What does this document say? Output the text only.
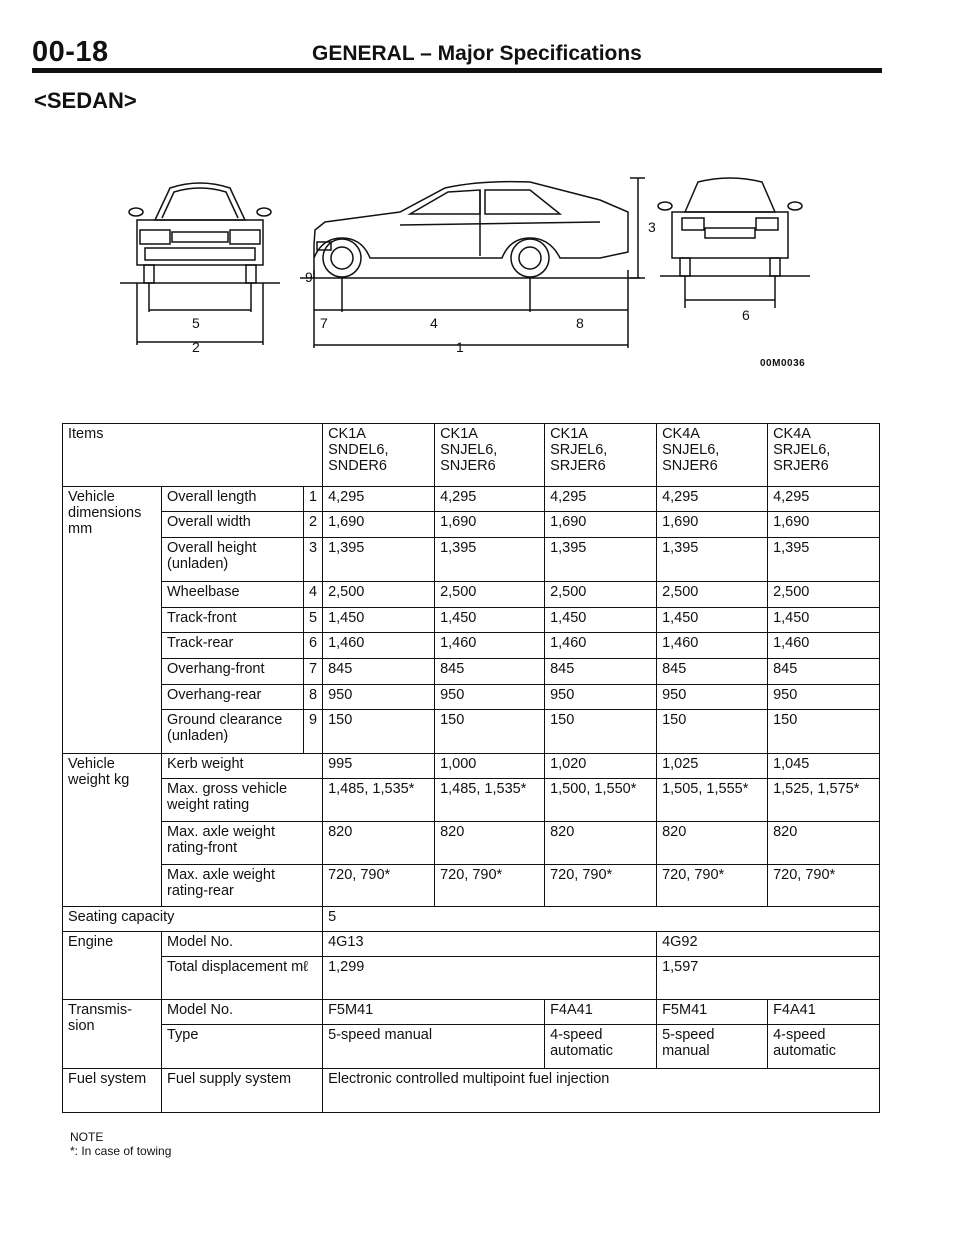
00-18	GENERAL – Major Specifications
<SEDAN>
5
2
9
7	4	8
1
3
6
00M0036
Items			CK1A
SNDEL6,
SNDER6	CK1A
SNJEL6,
SNJER6	CK1A
SRJEL6,
SRJER6	CK4A
SNJEL6,
SNJER6	CK4A
SRJEL6,
SRJER6

Vehicle dimensions mm	Overall length	1	4,295	4,295	4,295	4,295	4,295
	Overall width	2	1,690	1,690	1,690	1,690	1,690
	Overall height (unladen)	3	1,395	1,395	1,395	1,395	1,395
	Wheelbase	4	2,500	2,500	2,500	2,500	2,500
	Track-front	5	1,450	1,450	1,450	1,450	1,450
	Track-rear	6	1,460	1,460	1,460	1,460	1,460
	Overhang-front	7	845	845	845	845	845
	Overhang-rear	8	950	950	950	950	950
	Ground clearance (unladen)	9	150	150	150	150	150
Vehicle weight kg	Kerb weight		995	1,000	1,020	1,025	1,045
	Max. gross vehicle weight rating		1,485, 1,535*	1,485, 1,535*	1,500, 1,550*	1,505, 1,555*	1,525, 1,575*
	Max. axle weight rating-front		820	820	820	820	820
	Max. axle weight rating-rear		720, 790*	720, 790*	720, 790*	720, 790*	720, 790*
Seating capacity			5				
Engine	Model No.		4G13			4G92	
	Total displacement mℓ		1,299			1,597	
Transmis- sion	Model No.		F5M41		F4A41	F5M41	F4A41
	Type		5-speed manual		4-speed automatic	5-speed manual	4-speed automatic
Fuel system	Fuel supply system		Electronic controlled multipoint fuel injection				
NOTE
*: In case of towing
